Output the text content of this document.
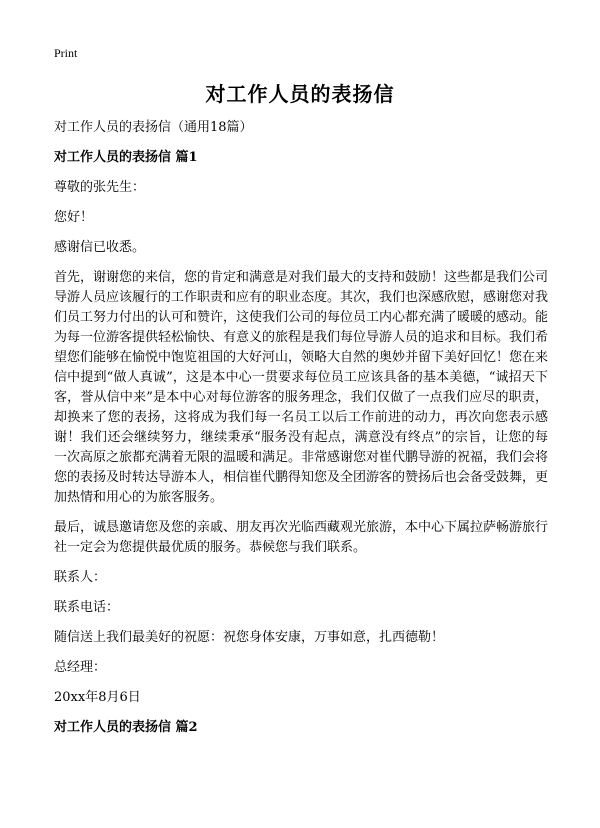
Print
对工作人员的表扬信

对工作人员的表扬信（通用18篇）

对工作人员的表扬信 篇1

尊敬的张先生：

您好！

感谢信已收悉。

首先，谢谢您的来信，您的肯定和满意是对我们最大的支持和鼓励！这些都是我们公司导游人员应该履行的工作职责和应有的职业态度。其次，我们也深感欣慰，感谢您对我们员工努力付出的认可和赞许，这使我们公司的每位员工内心都充满了暖暖的感动。能为每一位游客提供轻松愉快、有意义的旅程是我们每位导游人员的追求和目标。我们希望您们能够在愉悦中饱览祖国的大好河山，领略大自然的奥妙并留下美好回忆！您在来信中提到“做人真诚”，这是本中心一贯要求每位员工应该具备的基本美德，“诚招天下客，誉从信中来”是本中心对每位游客的服务理念，我们仅做了一点我们应尽的职责，却换来了您的表扬，这将成为我们每一名员工以后工作前进的动力，再次向您表示感谢！我们还会继续努力，继续秉承“服务没有起点，满意没有终点”的宗旨，让您的每一次高原之旅都充满着无限的温暖和满足。非常感谢您对崔代鹏导游的祝福，我们会将您的表扬及时转达导游本人，相信崔代鹏得知您及全团游客的赞扬后也会备受鼓舞，更加热情和用心的为旅客服务。

最后，诚恳邀请您及您的亲戚、朋友再次光临西藏观光旅游，本中心下属拉萨畅游旅行社一定会为您提供最优质的服务。恭候您与我们联系。

联系人：

联系电话：

随信送上我们最美好的祝愿：祝您身体安康，万事如意，扎西德勒！

总经理：

20xx年8月6日

对工作人员的表扬信 篇2
